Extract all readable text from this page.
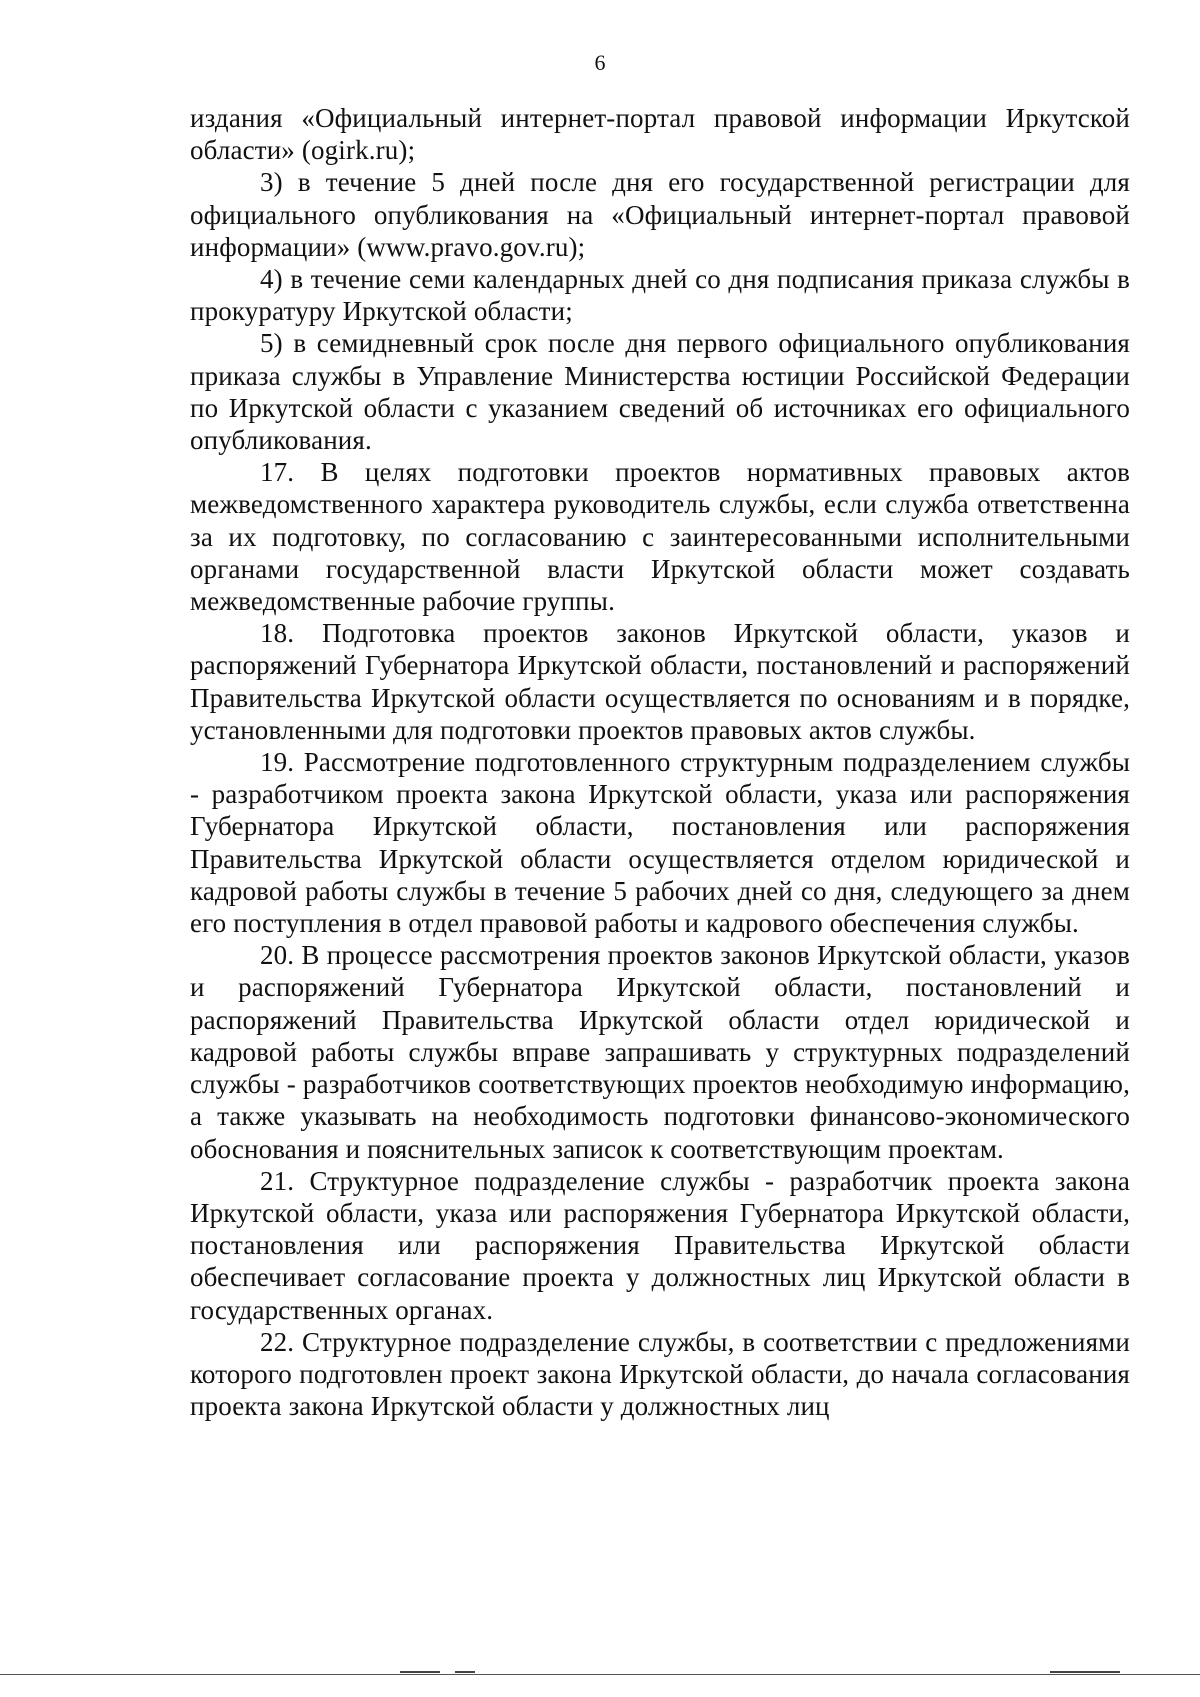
6

издания «Официальный интернет-портал правовой информации Иркутской области» (ogirk.ru);

3) в течение 5 дней после дня его государственной регистрации для официального опубликования на «Официальный интернет-портал правовой информации» (www.pravo.gov.ru);

4) в течение семи календарных дней со дня подписания приказа службы в прокуратуру Иркутской области;

5) в семидневный срок после дня первого официального опубликования приказа службы в Управление Министерства юстиции Российской Федерации по Иркутской области с указанием сведений об источниках его официального опубликования.

17. В целях подготовки проектов нормативных правовых актов межведомственного характера руководитель службы, если служба ответственна за их подготовку, по согласованию с заинтересованными исполнительными органами государственной власти Иркутской области может создавать межведомственные рабочие группы.

18. Подготовка проектов законов Иркутской области, указов и распоряжений Губернатора Иркутской области, постановлений и распоряжений Правительства Иркутской области осуществляется по основаниям и в порядке, установленными для подготовки проектов правовых актов службы.

19. Рассмотрение подготовленного структурным подразделением службы - разработчиком проекта закона Иркутской области, указа или распоряжения Губернатора Иркутской области, постановления или распоряжения Правительства Иркутской области осуществляется отделом юридической и кадровой работы службы в течение 5 рабочих дней со дня, следующего за днем его поступления в отдел правовой работы и кадрового обеспечения службы.

20. В процессе рассмотрения проектов законов Иркутской области, указов и распоряжений Губернатора Иркутской области, постановлений и распоряжений Правительства Иркутской области отдел юридической и кадровой работы службы вправе запрашивать у структурных подразделений службы - разработчиков соответствующих проектов необходимую информацию, а также указывать на необходимость подготовки финансово-экономического обоснования и пояснительных записок к соответствующим проектам.

21. Структурное подразделение службы - разработчик проекта закона Иркутской области, указа или распоряжения Губернатора Иркутской области, постановления или распоряжения Правительства Иркутской области обеспечивает согласование проекта у должностных лиц Иркутской области в государственных органах.

22. Структурное подразделение службы, в соответствии с предложениями которого подготовлен проект закона Иркутской области, до начала согласования проекта закона Иркутской области у должностных лиц
